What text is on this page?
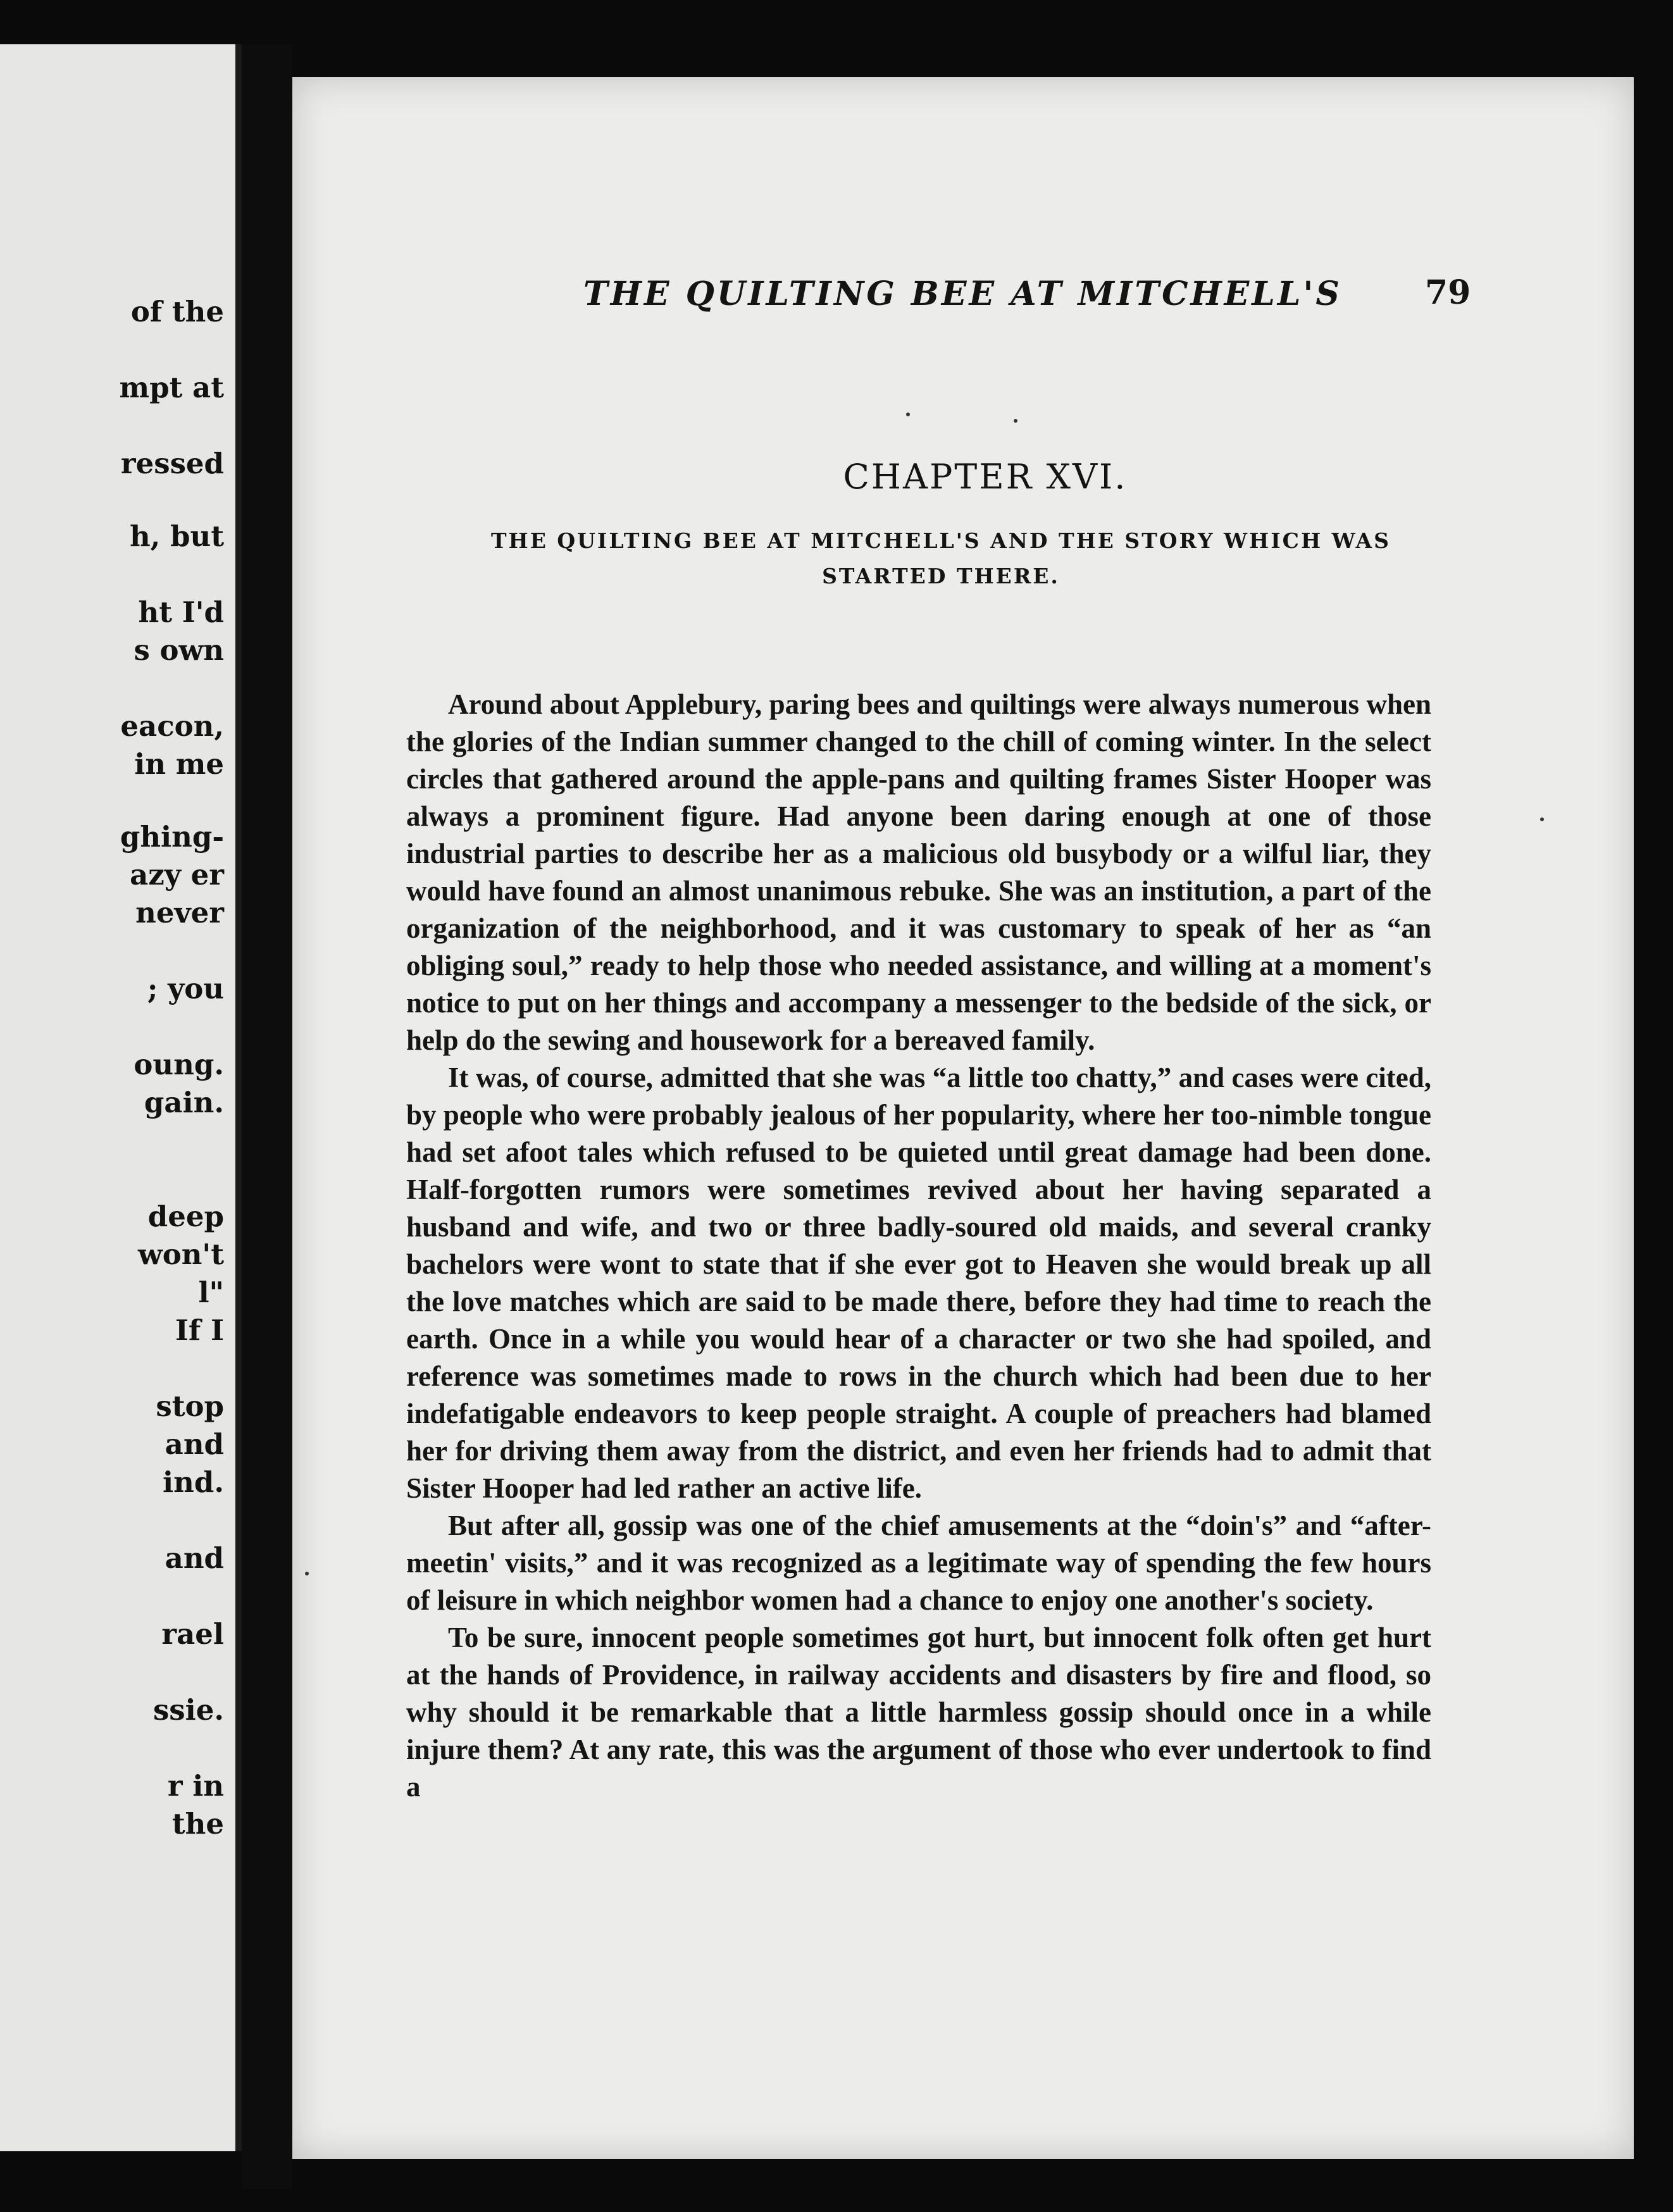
of the
mpt at
ressed
h, but
ht I'd
s own
eacon,
in me
ghing-
azy er
never
; you
oung.
gain.
deep
won't
l"
If I
stop
and
ind.
and
rael
ssie.
r in
the
THE QUILTING BEE AT MITCHELL'S	79
CHAPTER XVI.
THE QUILTING BEE AT MITCHELL'S AND THE STORY WHICH WAS STARTED THERE.

Around about Applebury, paring bees and quiltings were always numerous when the glories of the Indian summer changed to the chill of coming winter. In the select circles that gathered around the apple-pans and quilting frames Sister Hooper was always a prominent figure. Had anyone been daring enough at one of those industrial parties to describe her as a malicious old busybody or a wilful liar, they would have found an almost unanimous rebuke. She was an institution, a part of the organization of the neighborhood, and it was customary to speak of her as “an obliging soul,” ready to help those who needed assistance, and willing at a moment's notice to put on her things and accompany a messenger to the bedside of the sick, or help do the sewing and housework for a bereaved family.

It was, of course, admitted that she was “a little too chatty,” and cases were cited, by people who were probably jealous of her popularity, where her too-nimble tongue had set afoot tales which refused to be quieted until great damage had been done. Half-forgotten rumors were sometimes revived about her having separated a husband and wife, and two or three badly-soured old maids, and several cranky bachelors were wont to state that if she ever got to Heaven she would break up all the love matches which are said to be made there, before they had time to reach the earth. Once in a while you would hear of a character or two she had spoiled, and reference was sometimes made to rows in the church which had been due to her indefatigable endeavors to keep people straight. A couple of preachers had blamed her for driving them away from the district, and even her friends had to admit that Sister Hooper had led rather an active life.

But after all, gossip was one of the chief amusements at the “doin's” and “after-meetin' visits,” and it was recognized as a legitimate way of spending the few hours of leisure in which neighbor women had a chance to enjoy one another's society.

To be sure, innocent people sometimes got hurt, but innocent folk often get hurt at the hands of Providence, in railway accidents and disasters by fire and flood, so why should it be remarkable that a little harmless gossip should once in a while injure them? At any rate, this was the argument of those who ever undertook to find a
